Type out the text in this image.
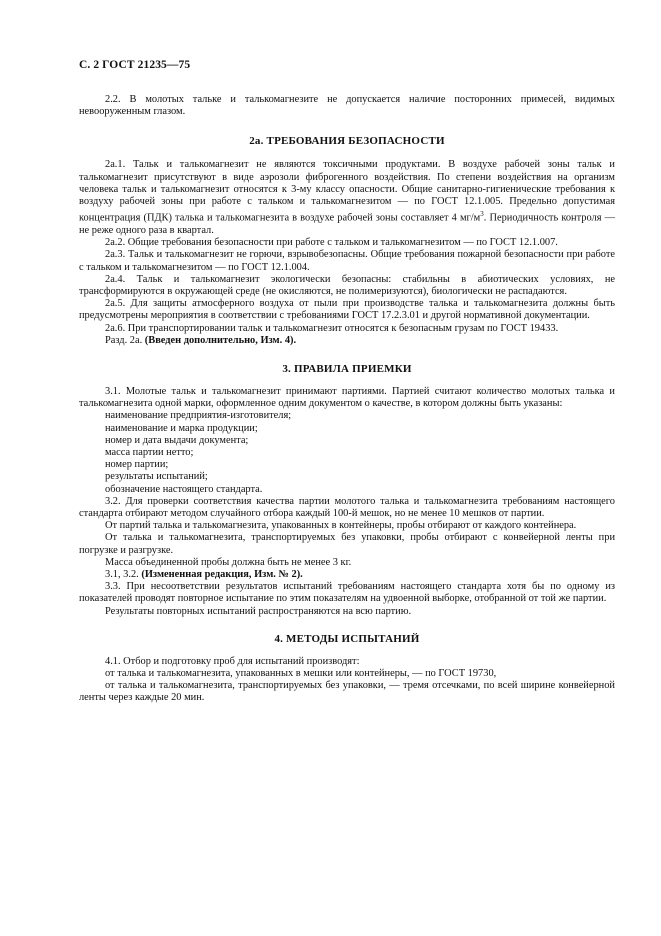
С. 2 ГОСТ 21235—75

2.2. В молотых тальке и талькомагнезите не допускается наличие посторонних примесей, видимых невооруженным глазом.

2а. ТРЕБОВАНИЯ БЕЗОПАСНОСТИ

2а.1. Тальк и талькомагнезит не являются токсичными продуктами. В воздухе рабочей зоны тальк и талькомагнезит присутствуют в виде аэрозоли фиброгенного воздействия. По степени воздействия на организм человека тальк и талькомагнезит относятся к 3-му классу опасности. Общие санитарно-гигиенические требования к воздуху рабочей зоны при работе с тальком и талькомагнезитом — по ГОСТ 12.1.005. Предельно допустимая концентрация (ПДК) талька и талькомагнезита в воздухе рабочей зоны составляет 4 $мг/м^3$. Периодичность контроля — не реже одного раза в квартал.

2а.2. Общие требования безопасности при работе с тальком и талькомагнезитом — по ГОСТ 12.1.007.

2а.3. Тальк и талькомагнезит не горючи, взрывобезопасны. Общие требования пожарной безопасности при работе с тальком и талькомагнезитом — по ГОСТ 12.1.004.

2а.4. Тальк и талькомагнезит экологически безопасны: стабильны в абиотических условиях, не трансформируются в окружающей среде (не окисляются, не полимеризуются), биологически не распадаются.

2а.5. Для защиты атмосферного воздуха от пыли при производстве талька и талькомагнезита должны быть предусмотрены мероприятия в соответствии с требованиями ГОСТ 17.2.3.01 и другой нормативной документации.

2а.6. При транспортировании тальк и талькомагнезит относятся к безопасным грузам по ГОСТ 19433.

Разд. 2а. (Введен дополнительно, Изм. 4).

3. ПРАВИЛА ПРИЕМКИ

3.1. Молотые тальк и талькомагнезит принимают партиями. Партией считают количество молотых талька и талькомагнезита одной марки, оформленное одним документом о качестве, в котором должны быть указаны:

наименование предприятия-изготовителя;

наименование и марка продукции;

номер и дата выдачи документа;

масса партии нетто;

номер партии;

результаты испытаний;

обозначение настоящего стандарта.

3.2. Для проверки соответствия качества партии молотого талька и талькомагнезита требованиям настоящего стандарта отбирают методом случайного отбора каждый 100-й мешок, но не менее 10 мешков от партии.

От партий талька и талькомагнезита, упакованных в контейнеры, пробы отбирают от каждого контейнера.

От талька и талькомагнезита, транспортируемых без упаковки, пробы отбирают с конвейерной ленты при погрузке и разгрузке.

Масса объединенной пробы должна быть не менее 3 кг.

3.1, 3.2. (Измененная редакция, Изм. № 2).

3.3. При несоответствии результатов испытаний требованиям настоящего стандарта хотя бы по одному из показателей проводят повторное испытание по этим показателям на удвоенной выборке, отобранной от той же партии.

Результаты повторных испытаний распространяются на всю партию.

4. МЕТОДЫ ИСПЫТАНИЙ

4.1. Отбор и подготовку проб для испытаний производят:

от талька и талькомагнезита, упакованных в мешки или контейнеры, — по ГОСТ 19730,

от талька и талькомагнезита, транспортируемых без упаковки, — тремя отсечками, по всей ширине конвейерной ленты через каждые 20 мин.
